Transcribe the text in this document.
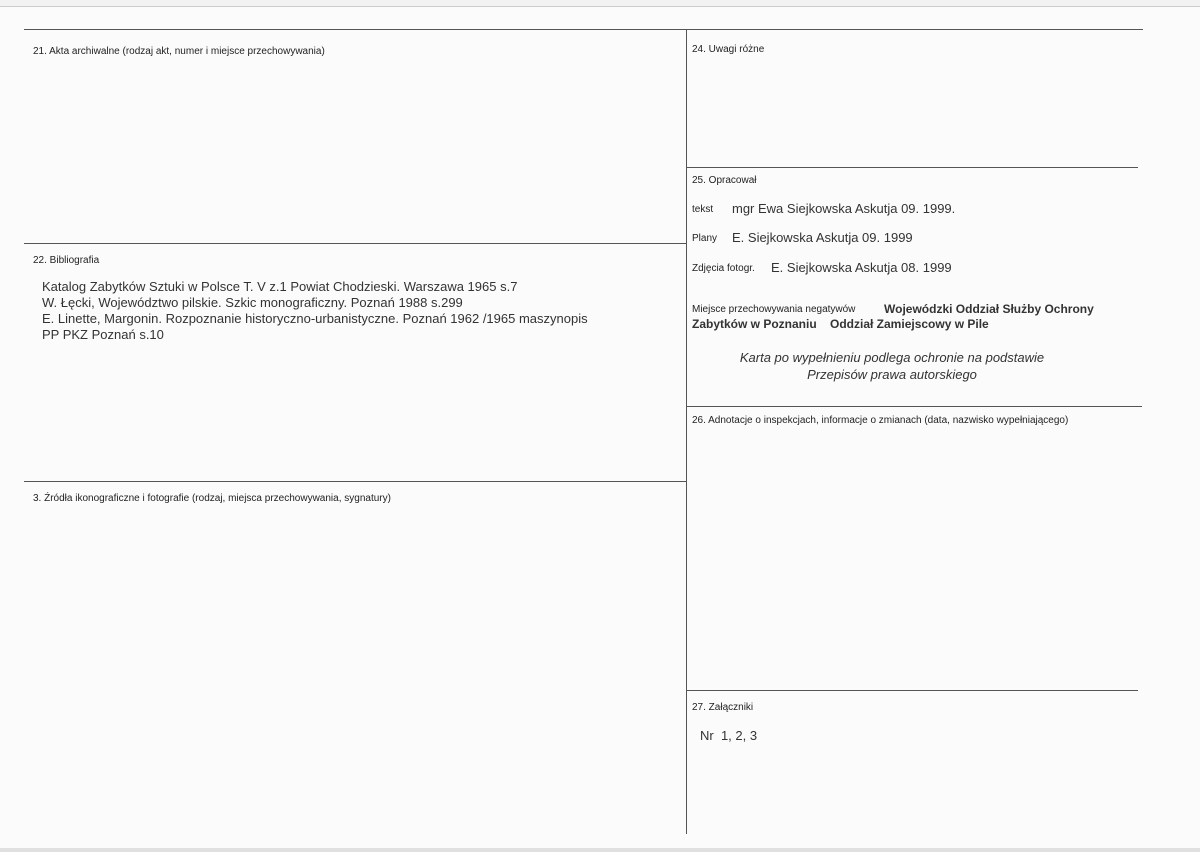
21. Akta archiwalne (rodzaj akt, numer i miejsce przechowywania)
22. Bibliografia
Katalog Zabytków Sztuki w Polsce T. V z.1 Powiat Chodzieski. Warszawa 1965 s.7
W. Łęcki, Województwo pilskie. Szkic monograficzny. Poznań 1988 s.299
E. Linette, Margonin. Rozpoznanie historyczno-urbanistyczne. Poznań 1962 /1965 maszynopis
PP PKZ Poznań s.10
3. Źródła ikonograficzne i fotografie (rodzaj, miejsca przechowywania, sygnatury)
24. Uwagi różne
25. Opracował
tekst mgr Ewa Siejkowska Askutja 09. 1999.
Plany E. Siejkowska Askutja 09. 1999
Zdjęcia fotogr. E. Siejkowska Askutja 08. 1999
Miejsce przechowywania negatywów Wojewódzki Oddział Służby Ochrony
Zabytków w Poznaniu    Oddział Zamiejscowy w Pile
Karta po wypełnieniu podlega ochronie na podstawie
Przepisów prawa autorskiego
26. Adnotacje o inspekcjach, informacje o zmianach (data, nazwisko wypełniającego)
27. Załączniki
Nr  1, 2, 3
